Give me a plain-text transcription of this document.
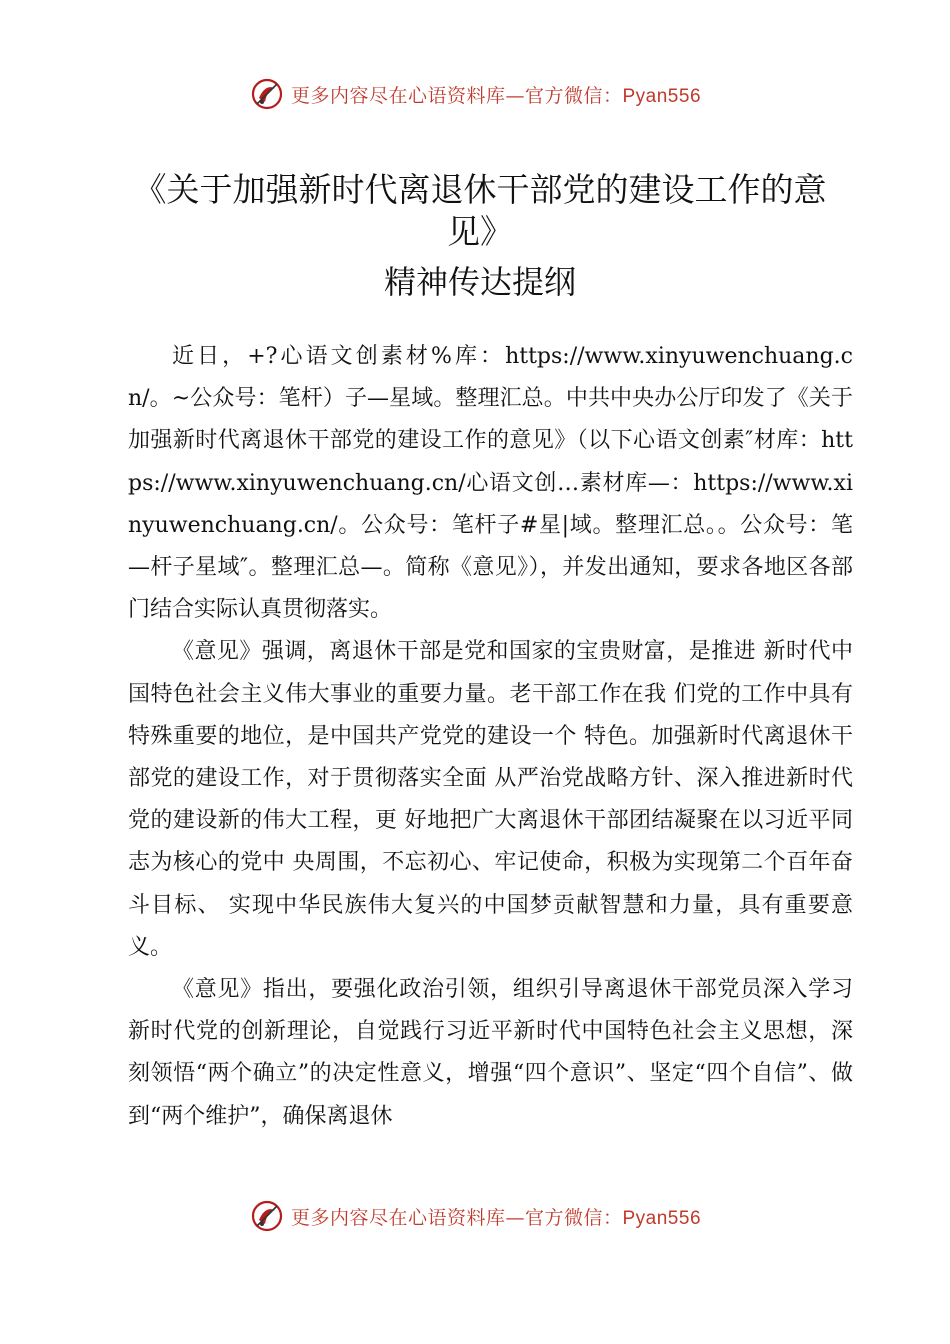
更多内容尽在心语资料库—官方微信：Pyan556
《关于加强新时代离退休干部党的建设工作的意
见》
精神传达提纲

近日，+?心语文创素材%库：https://www.xinyuwenchuang.cn/。~公众号：笔杆）子—星域。整理汇总。中共中央办公厅印发了《关于加强新时代离退休干部党的建设工作的意见》（以下心语文创素″材库：https://www.xinyuwenchuang.cn/心语文创…素材库—：https://www.xinyuwenchuang.cn/。公众号：笔杆子#星|域。整理汇总。。公众号：笔—杆子星域″。整理汇总—。简称《意见》），并发出通知，要求各地区各部门结合实际认真贯彻落实。

《意见》强调，离退休干部是党和国家的宝贵财富，是推进 新时代中国特色社会主义伟大事业的重要力量。老干部工作在我 们党的工作中具有特殊重要的地位，是中国共产党党的建设一个 特色。加强新时代离退休干部党的建设工作，对于贯彻落实全面 从严治党战略方针、深入推进新时代党的建设新的伟大工程，更 好地把广大离退休干部团结凝聚在以习近平同志为核心的党中 央周围，不忘初心、牢记使命，积极为实现第二个百年奋斗目标、 实现中华民族伟大复兴的中国梦贡献智慧和力量，具有重要意义。

《意见》指出，要强化政治引领，组织引导离退休干部党员深入学习新时代党的创新理论，自觉践行习近平新时代中国特色社会主义思想，深刻领悟“两个确立”的决定性意义，增强“四个意识”、坚定“四个自信”、做到“两个维护”，确保离退休

更多内容尽在心语资料库—官方微信：Pyan556
